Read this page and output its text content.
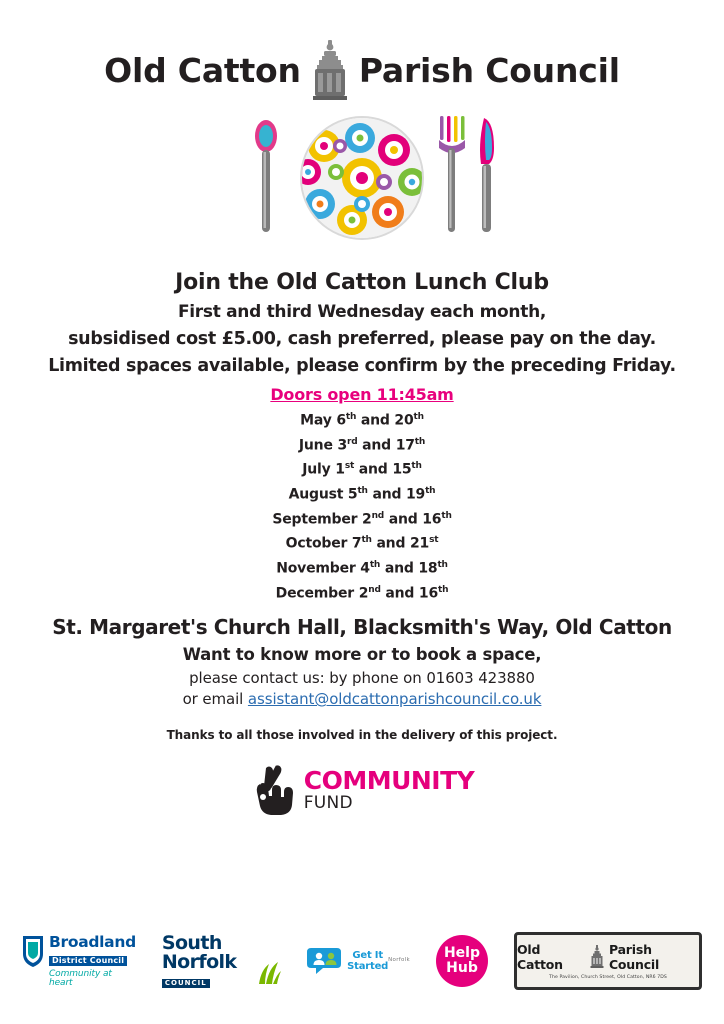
Old Catton Parish Council
Join the Old Catton Lunch Club
First and third Wednesday each month,
subsidised cost £5.00, cash preferred, please pay on the day.
Limited spaces available, please confirm by the preceding Friday.
Doors open 11:45am
May 6th and 20th
June 3rd and 17th
July 1st and 15th
August 5th and 19th
September 2nd and 16th
October 7th and 21st
November 4th and 18th
December 2nd and 16th
St. Margaret's Church Hall, Blacksmith's Way, Old Catton
Want to know more or to book a space,
please contact us: by phone on 01603 423880
or email assistant@oldcattonparishcouncil.co.uk
Thanks to all those involved in the delivery of this project.
COMMUNITY
FUND
Broadland
District Council
Community at heart
South Norfolk
COUNCIL
Get It Started
Norfolk Help
Hub
Old Catton
Parish Council
The Pavilion, Church Street, Old Catton, NR6 7DS
